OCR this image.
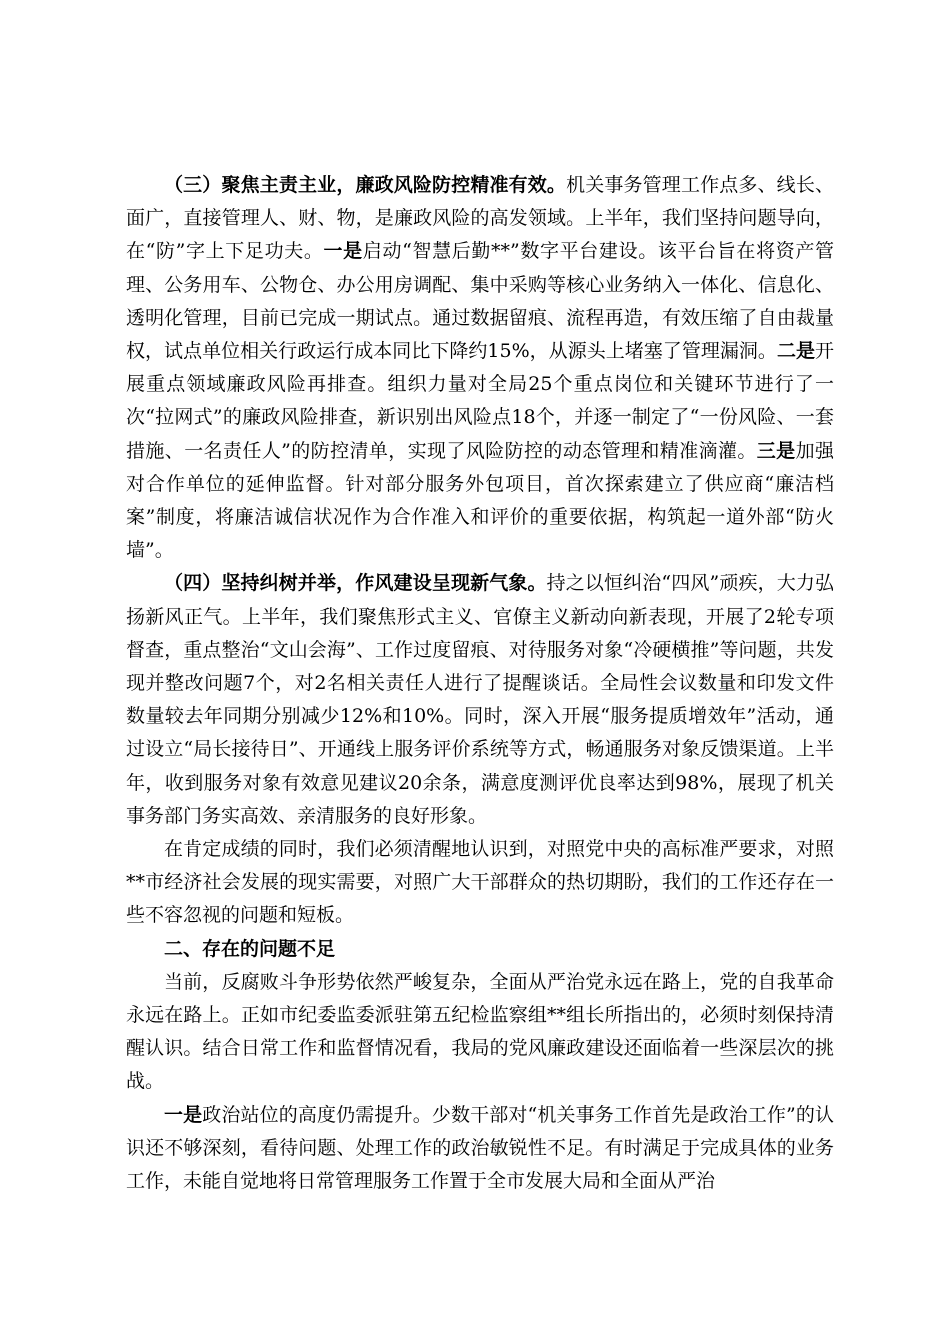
（三）聚焦主责主业，廉政风险防控精准有效。机关事务管理工作点多、线长、面广，直接管理人、财、物，是廉政风险的高发领域。上半年，我们坚持问题导向，在“防”字上下足功夫。一是启动“智慧后勤**”数字平台建设。该平台旨在将资产管理、公务用车、公物仓、办公用房调配、集中采购等核心业务纳入一体化、信息化、透明化管理，目前已完成一期试点。通过数据留痕、流程再造，有效压缩了自由裁量权，试点单位相关行政运行成本同比下降约15%，从源头上堵塞了管理漏洞。二是开展重点领域廉政风险再排查。组织力量对全局25个重点岗位和关键环节进行了一次“拉网式”的廉政风险排查，新识别出风险点18个，并逐一制定了“一份风险、一套措施、一名责任人”的防控清单，实现了风险防控的动态管理和精准滴灌。三是加强对合作单位的延伸监督。针对部分服务外包项目，首次探索建立了供应商“廉洁档案”制度，将廉洁诚信状况作为合作准入和评价的重要依据，构筑起一道外部“防火墙”。

（四）坚持纠树并举，作风建设呈现新气象。持之以恒纠治“四风”顽疾，大力弘扬新风正气。上半年，我们聚焦形式主义、官僚主义新动向新表现，开展了2轮专项督查，重点整治“文山会海”、工作过度留痕、对待服务对象“冷硬横推”等问题，共发现并整改问题7个，对2名相关责任人进行了提醒谈话。全局性会议数量和印发文件数量较去年同期分别减少12%和10%。同时，深入开展“服务提质增效年”活动，通过设立“局长接待日”、开通线上服务评价系统等方式，畅通服务对象反馈渠道。上半年，收到服务对象有效意见建议20余条，满意度测评优良率达到98%，展现了机关事务部门务实高效、亲清服务的良好形象。

在肯定成绩的同时，我们必须清醒地认识到，对照党中央的高标准严要求，对照**市经济社会发展的现实需要，对照广大干部群众的热切期盼，我们的工作还存在一些不容忽视的问题和短板。

二、存在的问题不足

当前，反腐败斗争形势依然严峻复杂，全面从严治党永远在路上，党的自我革命永远在路上。正如市纪委监委派驻第五纪检监察组**组长所指出的，必须时刻保持清醒认识。结合日常工作和监督情况看，我局的党风廉政建设还面临着一些深层次的挑战。

一是政治站位的高度仍需提升。少数干部对“机关事务工作首先是政治工作”的认识还不够深刻，看待问题、处理工作的政治敏锐性不足。有时满足于完成具体的业务工作，未能自觉地将日常管理服务工作置于全市发展大局和全面从严治
